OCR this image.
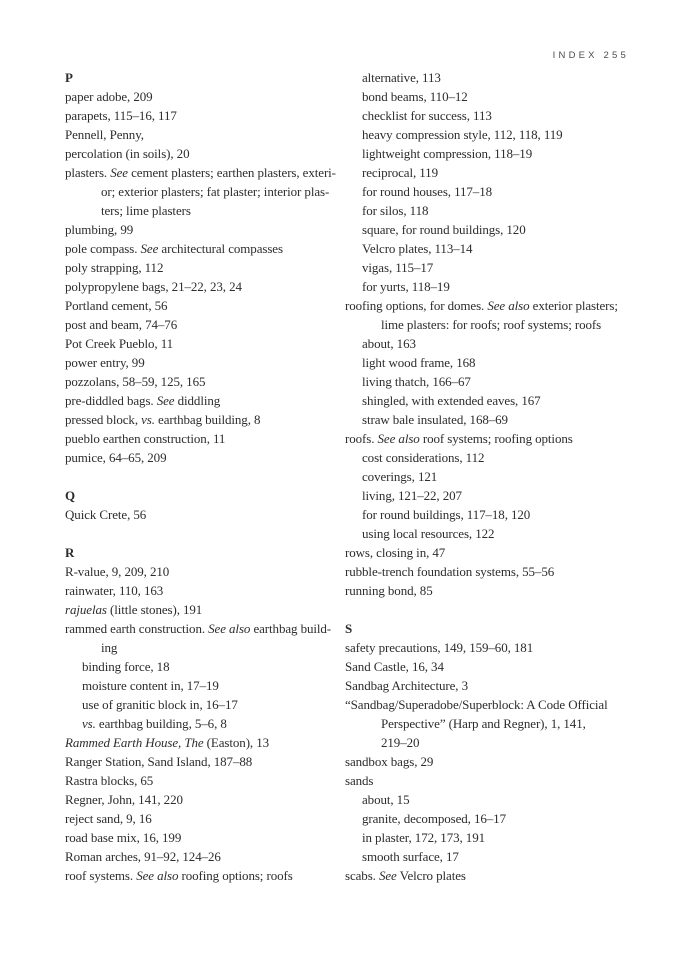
INDEX 255
P
paper adobe, 209
parapets, 115–16, 117
Pennell, Penny,
percolation (in soils), 20
plasters. See cement plasters; earthen plasters, exteri-
or; exterior plasters; fat plaster; interior plas-
ters; lime plasters
plumbing, 99
pole compass. See architectural compasses
poly strapping, 112
polypropylene bags, 21–22, 23, 24
Portland cement, 56
post and beam, 74–76
Pot Creek Pueblo, 11
power entry, 99
pozzolans, 58–59, 125, 165
pre-diddled bags. See diddling
pressed block, vs. earthbag building, 8
pueblo earthen construction, 11
pumice, 64–65, 209
Q
Quick Crete, 56
R
R-value, 9, 209, 210
rainwater, 110, 163
rajuelas (little stones), 191
rammed earth construction. See also earthbag build-
ing
binding force, 18
moisture content in, 17–19
use of granitic block in, 16–17
vs. earthbag building, 5–6, 8
Rammed Earth House, The (Easton), 13
Ranger Station, Sand Island, 187–88
Rastra blocks, 65
Regner, John, 141, 220
reject sand, 9, 16
road base mix, 16, 199
Roman arches, 91–92, 124–26
roof systems. See also roofing options; roofs
alternative, 113
bond beams, 110–12
checklist for success, 113
heavy compression style, 112, 118, 119
lightweight compression, 118–19
reciprocal, 119
for round houses, 117–18
for silos, 118
square, for round buildings, 120
Velcro plates, 113–14
vigas, 115–17
for yurts, 118–19
roofing options, for domes. See also exterior plasters;
lime plasters: for roofs; roof systems; roofs
about, 163
light wood frame, 168
living thatch, 166–67
shingled, with extended eaves, 167
straw bale insulated, 168–69
roofs. See also roof systems; roofing options
cost considerations, 112
coverings, 121
living, 121–22, 207
for round buildings, 117–18, 120
using local resources, 122
rows, closing in, 47
rubble-trench foundation systems, 55–56
running bond, 85
S
safety precautions, 149, 159–60, 181
Sand Castle, 16, 34
Sandbag Architecture, 3
“Sandbag/Superadobe/Superblock: A Code Official
Perspective” (Harp and Regner), 1, 141,
219–20
sandbox bags, 29
sands
about, 15
granite, decomposed, 16–17
in plaster, 172, 173, 191
smooth surface, 17
scabs. See Velcro plates
